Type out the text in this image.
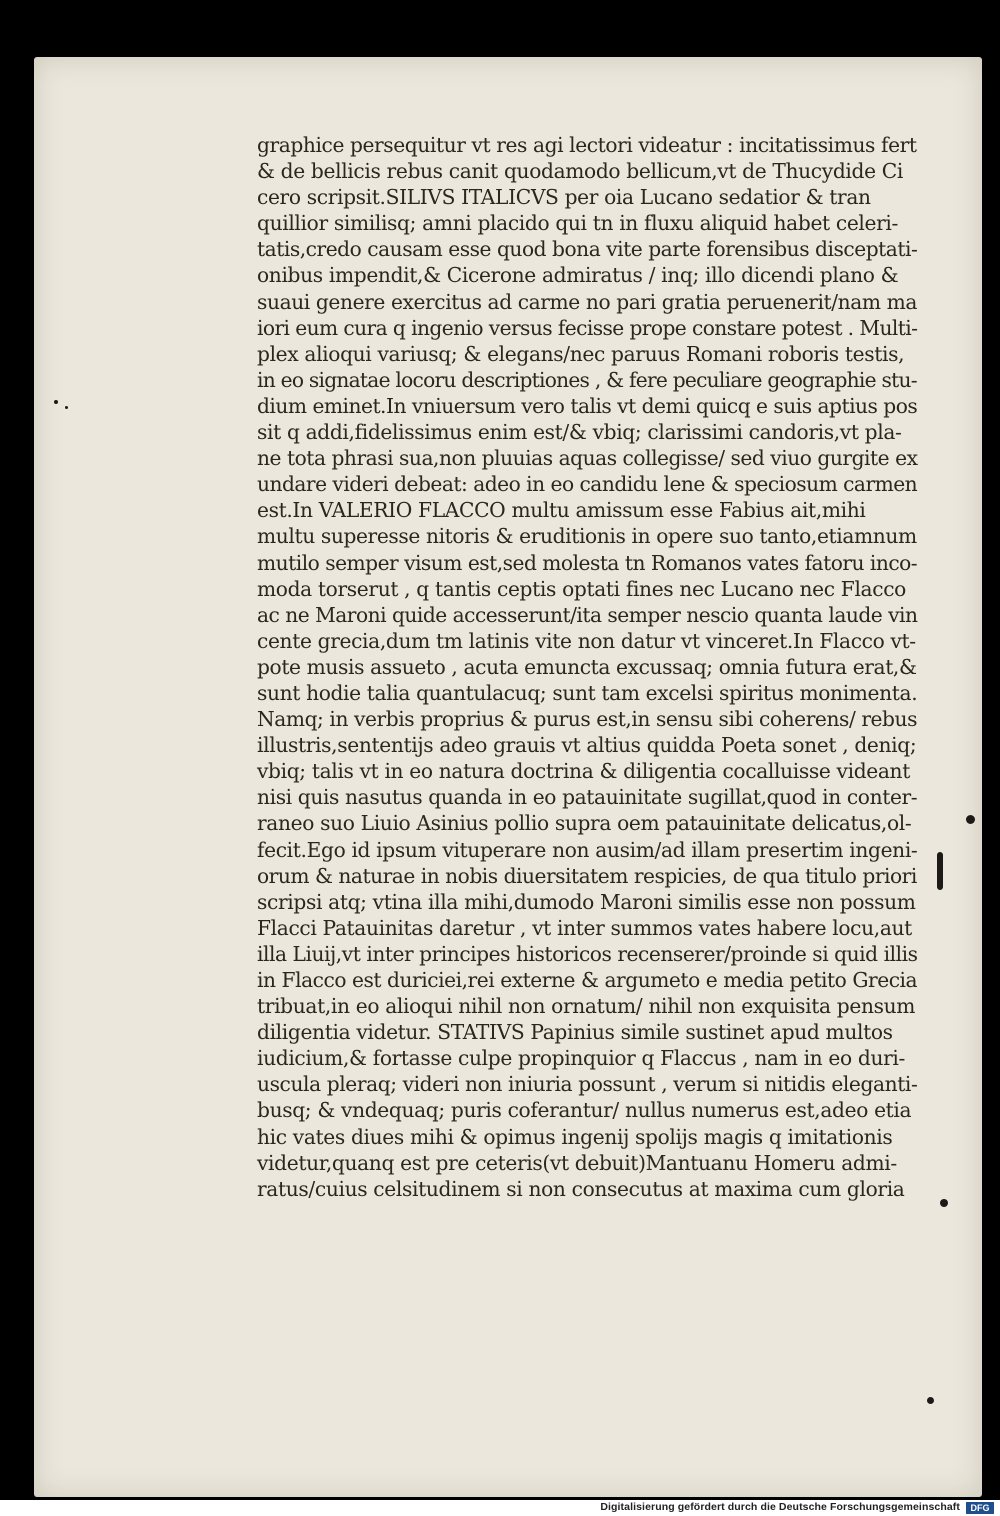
graphice persequitur vt res agi lectori videatur : incitatissimus fert
& de bellicis rebus canit quodamodo bellicum,vt de Thucydide Ci
cero scripsit.SILIVS ITALICVS per oia Lucano sedatior & tran
quillior similisq; amni placido qui tn in fluxu aliquid habet celeri-
tatis,credo causam esse quod bona vite parte forensibus disceptati-
onibus impendit,& Cicerone admiratus / inq; illo dicendi plano &
suaui genere exercitus ad carme no pari gratia peruenerit/nam ma
iori eum cura q ingenio versus fecisse prope constare potest . Multi-
plex alioqui variusq; & elegans/nec paruus Romani roboris testis,
in eo signatae locoru descriptiones , & fere peculiare geographie stu-
dium eminet.In vniuersum vero talis vt demi quicq e suis aptius pos
sit q addi,fidelissimus enim est/& vbiq; clarissimi candoris,vt pla-
ne tota phrasi sua,non pluuias aquas collegisse/ sed viuo gurgite ex
undare videri debeat: adeo in eo candidu lene & speciosum carmen
est.In VALERIO FLACCO multu amissum esse Fabius ait,mihi
multu superesse nitoris & eruditionis in opere suo tanto,etiamnum
mutilo semper visum est,sed molesta tn Romanos vates fatoru inco-
moda torserut , q tantis ceptis optati fines nec Lucano nec Flacco
ac ne Maroni quide accesserunt/ita semper nescio quanta laude vin
cente grecia,dum tm latinis vite non datur vt vinceret.In Flacco vt-
pote musis assueto , acuta emuncta excussaq; omnia futura erat,&
sunt hodie talia quantulacuq; sunt tam excelsi spiritus monimenta.
Namq; in verbis proprius & purus est,in sensu sibi coherens/ rebus
illustris,sententijs adeo grauis vt altius quidda Poeta sonet , deniq;
vbiq; talis vt in eo natura doctrina & diligentia cocalluisse videant
nisi quis nasutus quanda in eo patauinitate sugillat,quod in conter-
raneo suo Liuio Asinius pollio supra oem patauinitate delicatus,ol-
fecit.Ego id ipsum vituperare non ausim/ad illam presertim ingeni-
orum & naturae in nobis diuersitatem respicies, de qua titulo priori
scripsi atq; vtina illa mihi,dumodo Maroni similis esse non possum
Flacci Patauinitas daretur , vt inter summos vates habere locu,aut
illa Liuij,vt inter principes historicos recenserer/proinde si quid illis
in Flacco est duriciei,rei externe & argumeto e media petito Grecia
tribuat,in eo alioqui nihil non ornatum/ nihil non exquisita pensum
diligentia videtur. STATIVS Papinius simile sustinet apud multos
iudicium,& fortasse culpe propinquior q Flaccus , nam in eo duri-
uscula pleraq; videri non iniuria possunt , verum si nitidis eleganti-
busq; & vndequaq; puris coferantur/ nullus numerus est,adeo etia
hic vates diues mihi & opimus ingenij spolijs magis q imitationis
videtur,quanq est pre ceteris(vt debuit)Mantuanu Homeru admi-
ratus/cuius celsitudinem si non consecutus at maxima cum gloria
Digitalisierung gefördert durch die Deutsche Forschungsgemeinschaft	DFG
